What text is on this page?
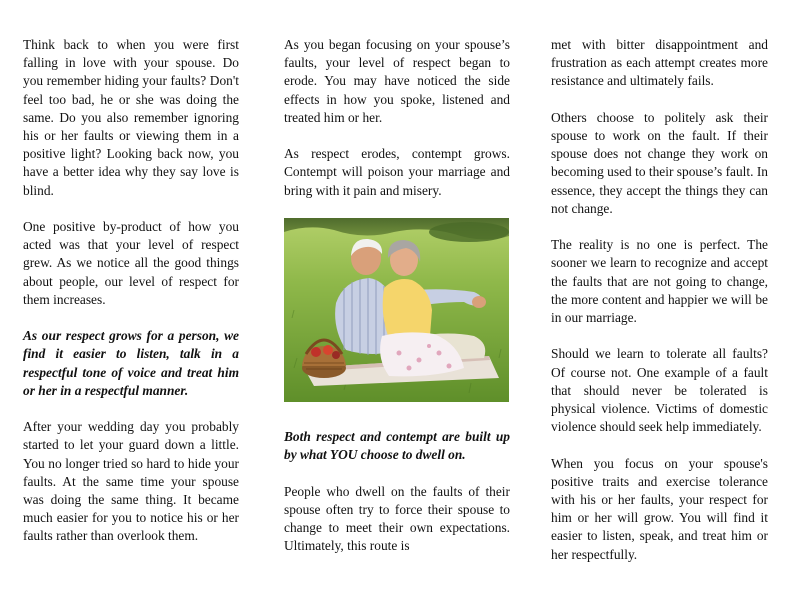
Think back to when you were first falling in love with your spouse. Do you remember hiding your faults? Don't feel too bad, he or she was doing the same. Do you also remember ignoring his or her faults or viewing them in a positive light? Looking back now, you have a better idea why they say love is blind.

One positive by-product of how you acted was that your level of respect grew. As we notice all the good things about people, our level of respect for them increases.

As our respect grows for a person, we find it easier to listen, talk in a respectful tone of voice and treat him or her in a respectful manner.

After your wedding day you probably started to let your guard down a little. You no longer tried so hard to hide your faults. At the same time your spouse was doing the same thing. It became much easier for you to notice his or her faults rather than overlook them.

As you began focusing on your spouse’s faults, your level of respect began to erode. You may have noticed the side effects in how you spoke, listened and treated him or her.

As respect erodes, contempt grows. Contempt will poison your marriage and bring with it pain and misery.

Both respect and contempt are built up by what YOU choose to dwell on.

People who dwell on the faults of their spouse often try to force their spouse to change to meet their own expectations. Ultimately, this route is

met with bitter disappointment and frustration as each attempt creates more resistance and ultimately fails.

Others choose to politely ask their spouse to work on the fault. If their spouse does not change they work on becoming used to their spouse’s fault. In essence, they accept the things they can not change.

The reality is no one is perfect. The sooner we learn to recognize and accept the faults that are not going to change, the more content and happier we will be in our marriage.

Should we learn to tolerate all faults? Of course not. One example of a fault that should never be tolerated is physical violence. Victims of domestic violence should seek help immediately.

When you focus on your spouse's positive traits and exercise tolerance with his or her faults, your respect for him or her will grow. You will find it easier to listen, speak, and treat him or her respectfully.
